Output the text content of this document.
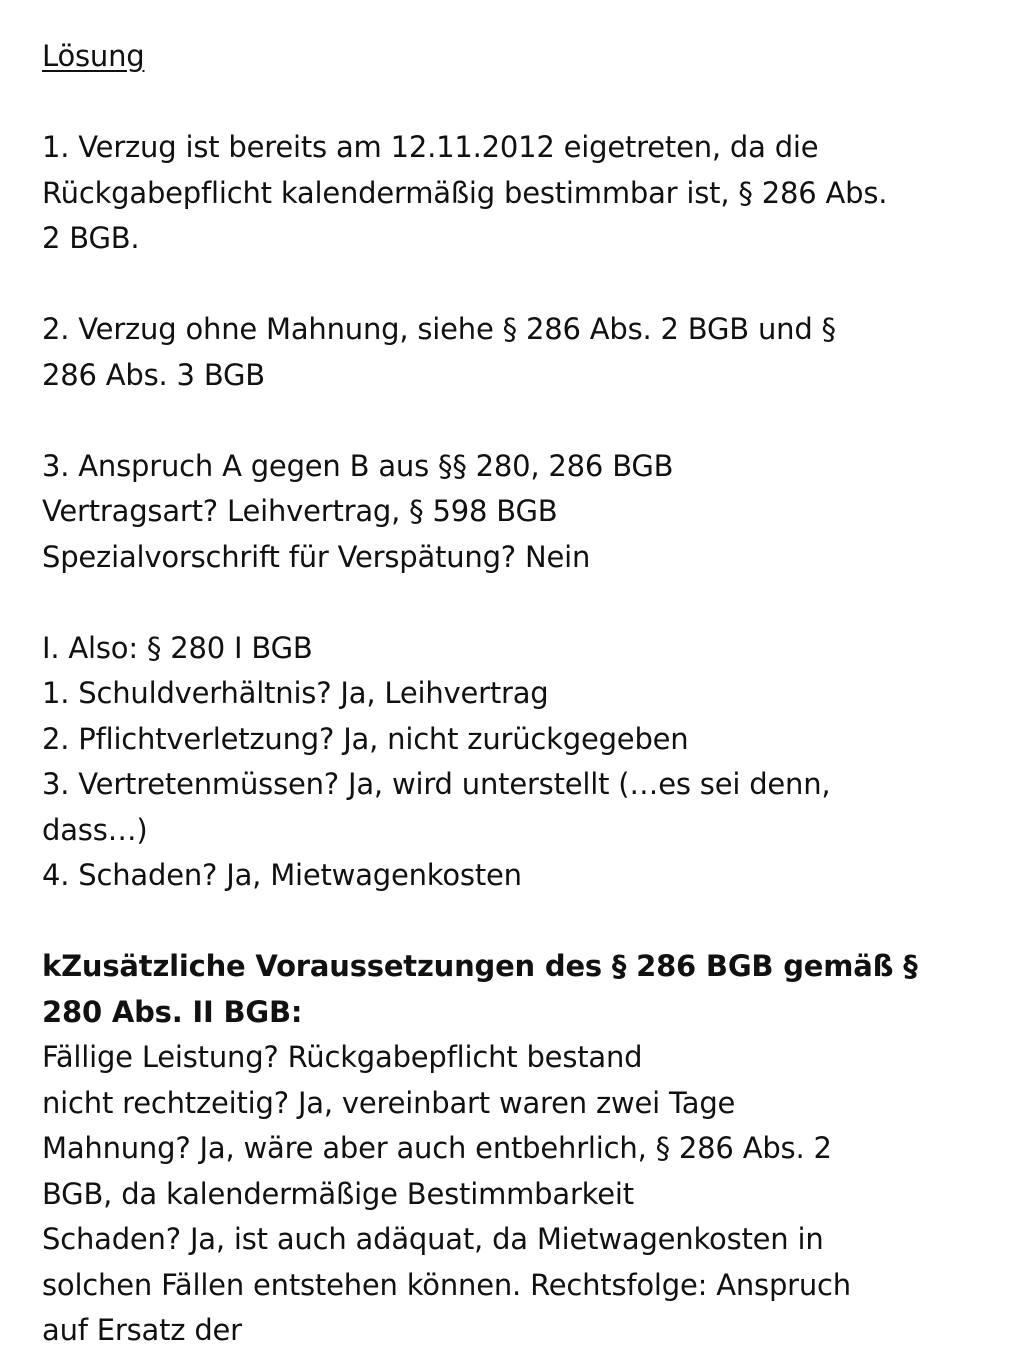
Lösung
1. Verzug ist bereits am 12.11.2012 eigetreten, da die
Rückgabepflicht kalendermäßig bestimmbar ist, § 286 Abs.
2 BGB.
2. Verzug ohne Mahnung, siehe § 286 Abs. 2 BGB und §
286 Abs. 3 BGB
3. Anspruch A gegen B aus §§ 280, 286 BGB
Vertragsart? Leihvertrag, § 598 BGB
Spezialvorschrift für Verspätung? Nein
I. Also: § 280 I BGB
1. Schuldverhältnis? Ja, Leihvertrag
2. Pflichtverletzung? Ja, nicht zurückgegeben
3. Vertretenmüssen? Ja, wird unterstellt (…es sei denn,
dass…)
4. Schaden? Ja, Mietwagenkosten
kZusätzliche Voraussetzungen des § 286 BGB gemäß §
280 Abs. II BGB:
Fällige Leistung? Rückgabepflicht bestand
nicht rechtzeitig? Ja, vereinbart waren zwei Tage
Mahnung? Ja, wäre aber auch entbehrlich, § 286 Abs. 2
BGB, da kalendermäßige Bestimmbarkeit
Schaden? Ja, ist auch adäquat, da Mietwagenkosten in
solchen Fällen entstehen können. Rechtsfolge: Anspruch
auf Ersatz der
